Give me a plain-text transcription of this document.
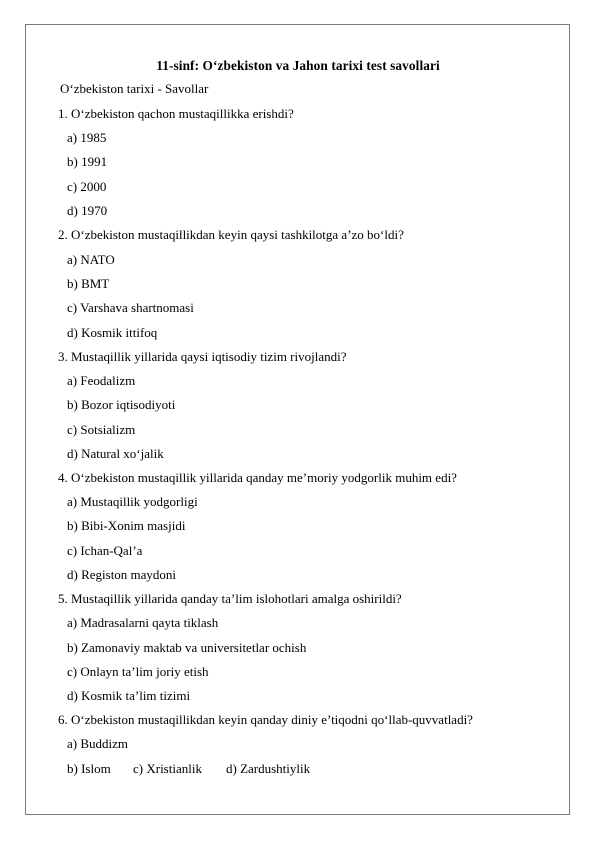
11-sinf: O‘zbekiston va Jahon tarixi test savollari
O‘zbekiston tarixi - Savollar
1. O‘zbekiston qachon mustaqillikka erishdi?
a) 1985
b) 1991
c) 2000
d) 1970
2. O‘zbekiston mustaqillikdan keyin qaysi tashkilotga a’zo bo‘ldi?
a) NATO
b) BMT
c) Varshava shartnomasi
d) Kosmik ittifoq
3. Mustaqillik yillarida qaysi iqtisodiy tizim rivojlandi?
a) Feodalizm
b) Bozor iqtisodiyoti
c) Sotsializm
d) Natural xo‘jalik
4. O‘zbekiston mustaqillik yillarida qanday me’moriy yodgorlik muhim edi?
a) Mustaqillik yodgorligi
b) Bibi-Xonim masjidi
c) Ichan-Qal’a
d) Registon maydoni
5. Mustaqillik yillarida qanday ta’lim islohotlari amalga oshirildi?
a) Madrasalarni qayta tiklash
b) Zamonaviy maktab va universitetlar ochish
c) Onlayn ta’lim joriy etish
d) Kosmik ta’lim tizimi
6. O‘zbekiston mustaqillikdan keyin qanday diniy e’tiqodni qo‘llab-quvvatladi?
a) Buddizm
b) Islom c) Xristianlik d) Zardushtiylik
